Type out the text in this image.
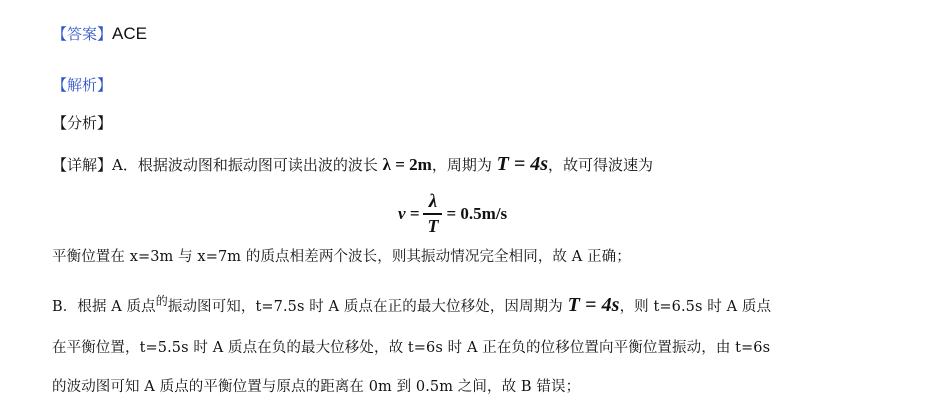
【答案】ACE
【解析】
【分析】
【详解】A．根据波动图和振动图可读出波的波长 λ = 2m，周期为 T = 4s，故可得波速为
$v = \frac{\lambda}{T} = 0.5m/s$
平衡位置在 x=3m 与 x=7m 的质点相差两个波长，则其振动情况完全相同，故 A 正确；
B．根据 A 质点$^的$振动图可知，t=7.5s 时 A 质点在正的最大位移处，因周期为 T = 4s，则 t=6.5s 时 A 质点
在平衡位置，t=5.5s 时 A 质点在负的最大位移处，故 t=6s 时 A 正在负的位移位置向平衡位置振动，由 t=6s
的波动图可知 A 质点的平衡位置与原点的距离在 0m 到 0.5m 之间，故 B 错误；
